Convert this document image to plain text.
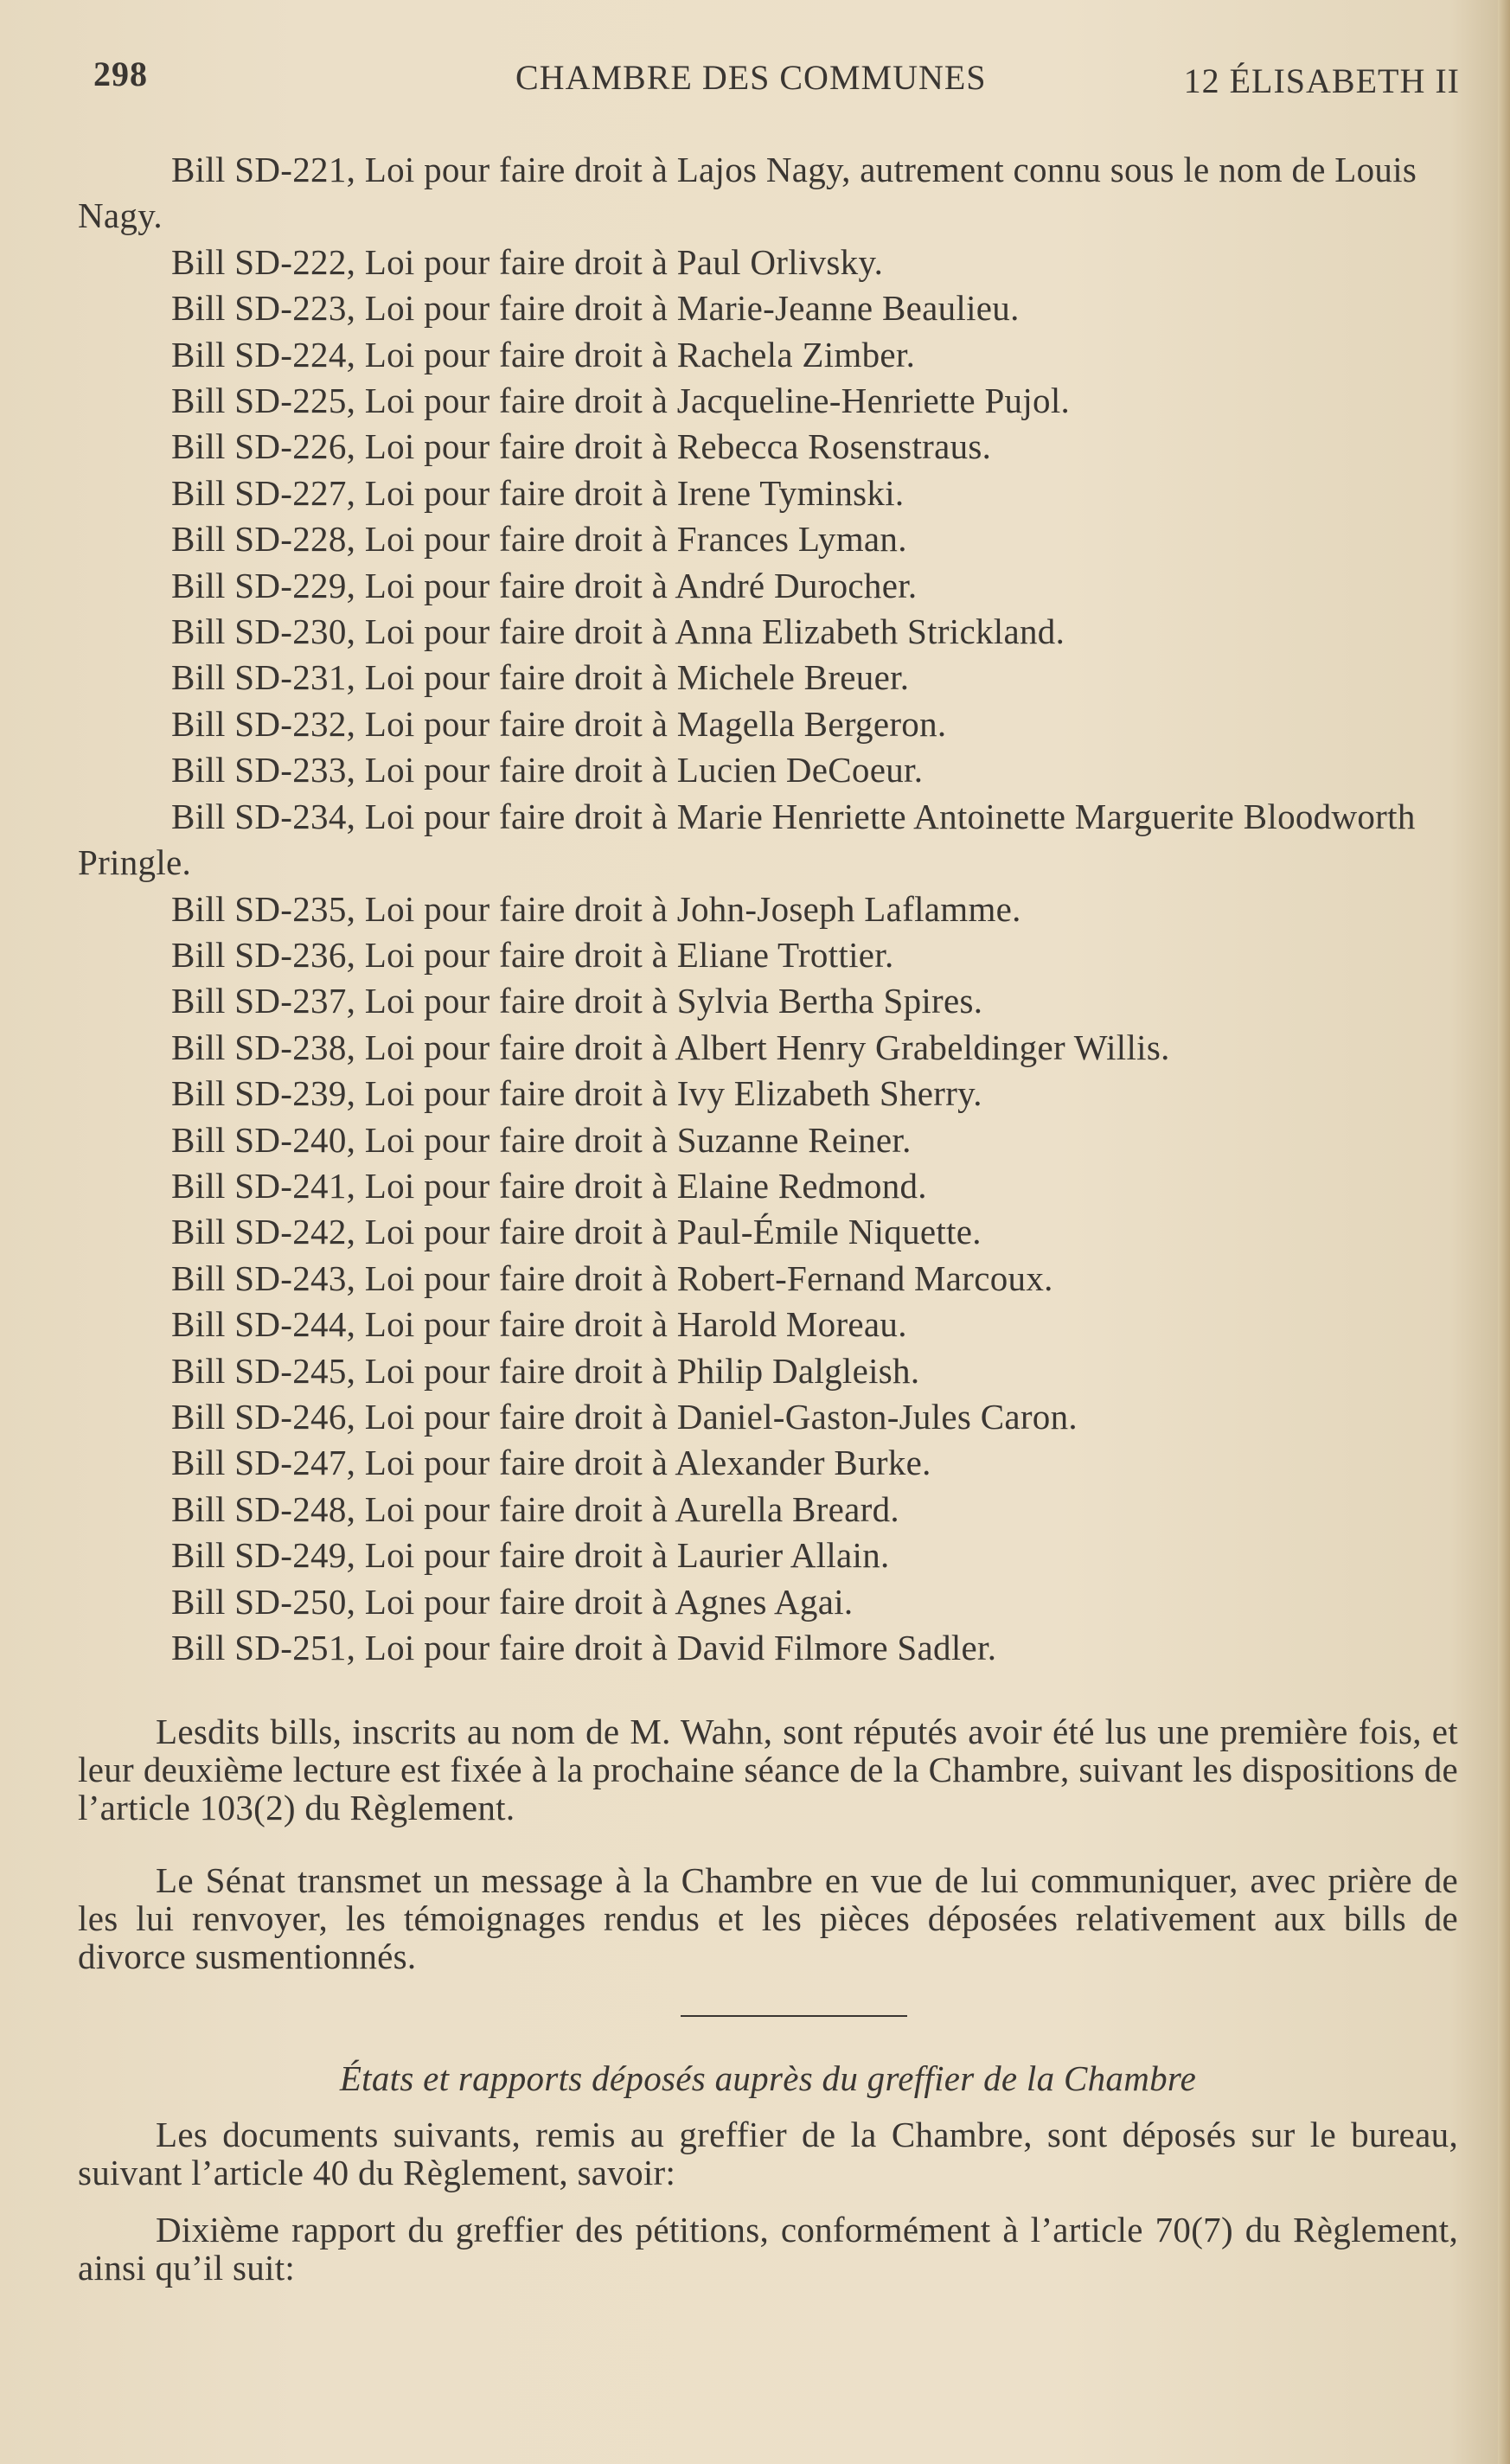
298	CHAMBRE DES COMMUNES	12 ÉLISABETH II

Bill SD-221, Loi pour faire droit à Lajos Nagy, autrement connu sous le nom de Louis Nagy.

Bill SD-222, Loi pour faire droit à Paul Orlivsky.

Bill SD-223, Loi pour faire droit à Marie-Jeanne Beaulieu.

Bill SD-224, Loi pour faire droit à Rachela Zimber.

Bill SD-225, Loi pour faire droit à Jacqueline-Henriette Pujol.

Bill SD-226, Loi pour faire droit à Rebecca Rosenstraus.

Bill SD-227, Loi pour faire droit à Irene Tyminski.

Bill SD-228, Loi pour faire droit à Frances Lyman.

Bill SD-229, Loi pour faire droit à André Durocher.

Bill SD-230, Loi pour faire droit à Anna Elizabeth Strickland.

Bill SD-231, Loi pour faire droit à Michele Breuer.

Bill SD-232, Loi pour faire droit à Magella Bergeron.

Bill SD-233, Loi pour faire droit à Lucien DeCoeur.

Bill SD-234, Loi pour faire droit à Marie Henriette Antoinette Marguerite Bloodworth Pringle.

Bill SD-235, Loi pour faire droit à John-Joseph Laflamme.

Bill SD-236, Loi pour faire droit à Eliane Trottier.

Bill SD-237, Loi pour faire droit à Sylvia Bertha Spires.

Bill SD-238, Loi pour faire droit à Albert Henry Grabeldinger Willis.

Bill SD-239, Loi pour faire droit à Ivy Elizabeth Sherry.

Bill SD-240, Loi pour faire droit à Suzanne Reiner.

Bill SD-241, Loi pour faire droit à Elaine Redmond.

Bill SD-242, Loi pour faire droit à Paul-Émile Niquette.

Bill SD-243, Loi pour faire droit à Robert-Fernand Marcoux.

Bill SD-244, Loi pour faire droit à Harold Moreau.

Bill SD-245, Loi pour faire droit à Philip Dalgleish.

Bill SD-246, Loi pour faire droit à Daniel-Gaston-Jules Caron.

Bill SD-247, Loi pour faire droit à Alexander Burke.

Bill SD-248, Loi pour faire droit à Aurella Breard.

Bill SD-249, Loi pour faire droit à Laurier Allain.

Bill SD-250, Loi pour faire droit à Agnes Agai.

Bill SD-251, Loi pour faire droit à David Filmore Sadler.

Lesdits bills, inscrits au nom de M. Wahn, sont réputés avoir été lus une première fois, et leur deuxième lecture est fixée à la prochaine séance de la Chambre, suivant les dispositions de l’article 103(2) du Règlement.

Le Sénat transmet un message à la Chambre en vue de lui communiquer, avec prière de les lui renvoyer, les témoignages rendus et les pièces déposées relativement aux bills de divorce susmentionnés.

États et rapports déposés auprès du greffier de la Chambre

Les documents suivants, remis au greffier de la Chambre, sont déposés sur le bureau, suivant l’article 40 du Règlement, savoir:

Dixième rapport du greffier des pétitions, conformément à l’article 70(7) du Règlement, ainsi qu’il suit:
